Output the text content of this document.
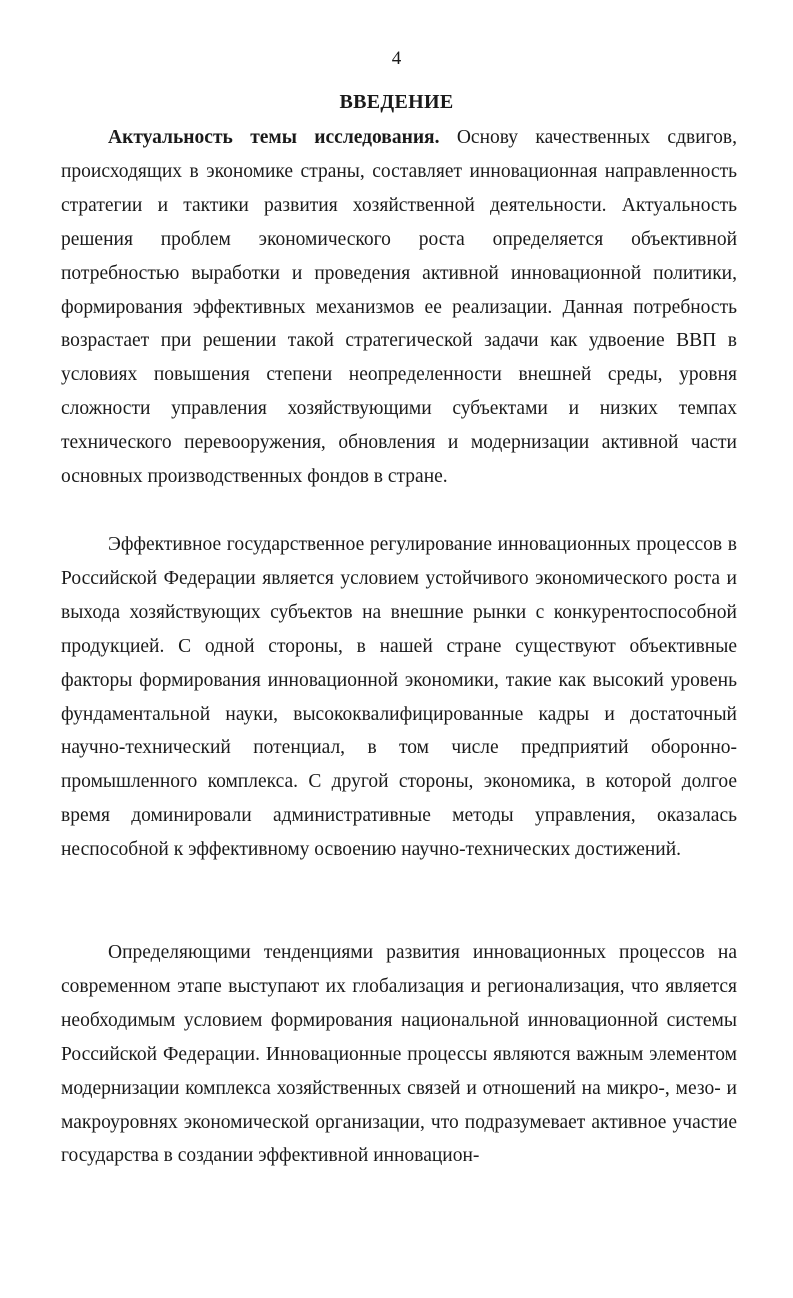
4
ВВЕДЕНИЕ

Актуальность темы исследования. Основу качественных сдвигов, происходящих в экономике страны, составляет инновационная направленность стратегии и тактики развития хозяйственной деятельности. Актуальность решения проблем экономического роста определяется объективной потребностью выработки и проведения активной инновационной политики, формирования эффективных механизмов ее реализации. Данная потребность возрастает при решении такой стратегической задачи как удвоение ВВП в условиях повышения степени неопределенности внешней среды, уровня сложности управления хозяйствующими субъектами и низких темпах технического перевооружения, обновления и модернизации активной части основных производственных фондов в стране.

Эффективное государственное регулирование инновационных процессов в Российской Федерации является условием устойчивого экономического роста и выхода хозяйствующих субъектов на внешние рынки с конкурентоспособной продукцией. С одной стороны, в нашей стране существуют объективные факторы формирования инновационной экономики, такие как высокий уровень фундаментальной науки, высококвалифицированные кадры и достаточный научно-технический потенциал, в том числе предприятий оборонно-промышленного комплекса. С другой стороны, экономика, в которой долгое время доминировали административные методы управления, оказалась неспособной к эффективному освоению научно-технических достижений.

Определяющими тенденциями развития инновационных процессов на современном этапе выступают их глобализация и регионализация, что является необходимым условием формирования национальной инновационной системы Российской Федерации. Инновационные процессы являются важным элементом модернизации комплекса хозяйственных связей и отношений на микро-, мезо- и макроуровнях экономической организации, что подразумевает активное участие государства в создании эффективной инновацион-
